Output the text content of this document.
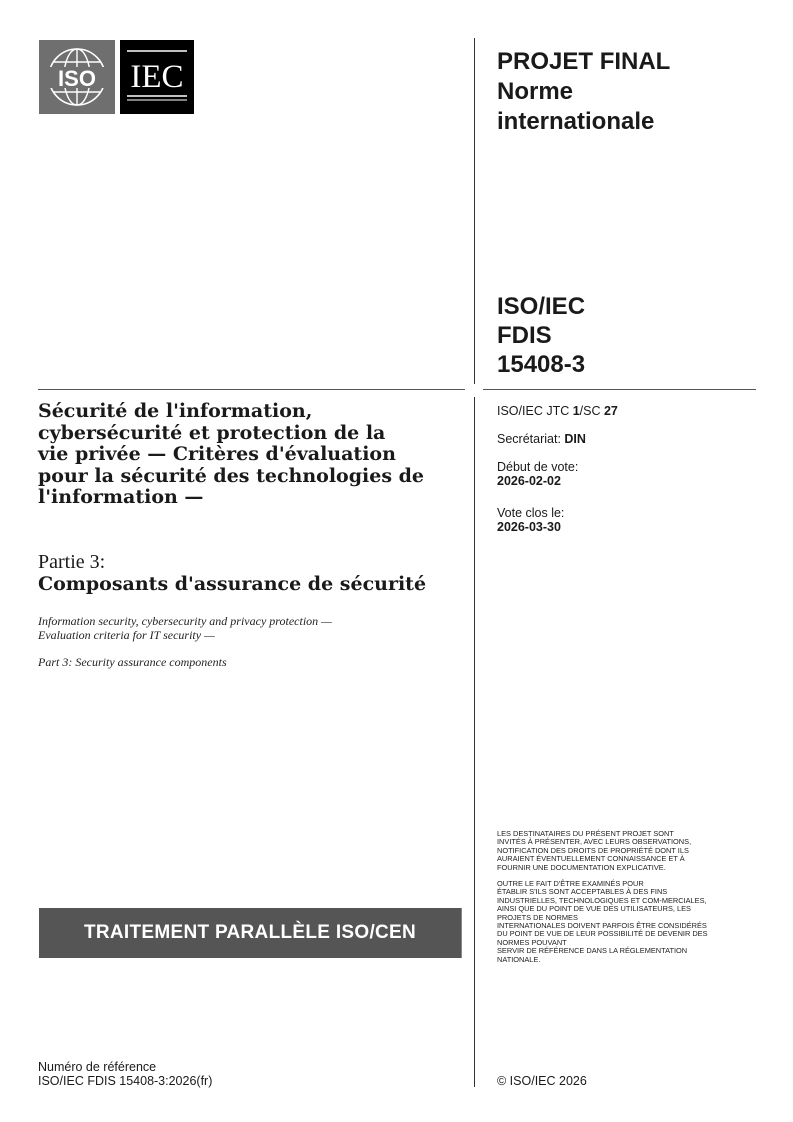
ISO IEC	PROJET FINAL
Norme
internationale
ISO/IEC
FDIS
15408-3
ISO/IEC JTC 1/SC 27
Secrétariat: DIN
Début de vote:
2026-02-02
Vote clos le:
2026-03-30
Sécurité de l'information,
cybersécurité et protection de la
vie privée — Critères d'évaluation
pour la sécurité des technologies de
l'information —
Partie 3:
Composants d'assurance de sécurité
Information security, cybersecurity and privacy protection —
Evaluation criteria for IT security —
Part 3: Security assurance components
TRAITEMENT PARALLÈLE ISO/CEN
LES DESTINATAIRES DU PRÉSENT PROJET SONT
INVITÉS À PRÉSENTER, AVEC LEURS OBSERVATIONS,
NOTIFICATION DES DROITS DE PROPRIÉTÉ DONT ILS
AURAIENT ÉVENTUELLEMENT CONNAISSANCE ET À
FOURNIR UNE DOCUMENTATION EXPLICATIVE.
OUTRE LE FAIT D'ÊTRE EXAMINÉS POUR
ÉTABLIR S'ILS SONT ACCEPTABLES À DES FINS
INDUSTRIELLES, TECHNOLOGIQUES ET COM-MERCIALES,
AINSI QUE DU POINT DE VUE DES UTILISATEURS, LES
PROJETS DE NORMES
INTERNATIONALES DOIVENT PARFOIS ÊTRE CONSIDÉRÉS
DU POINT DE VUE DE LEUR POSSIBILITÉ DE DEVENIR DES
NORMES POUVANT
SERVIR DE RÉFÉRENCE DANS LA RÉGLEMENTATION
NATIONALE.
Numéro de référence
ISO/IEC FDIS 15408-3:2026(fr)	© ISO/IEC 2026
